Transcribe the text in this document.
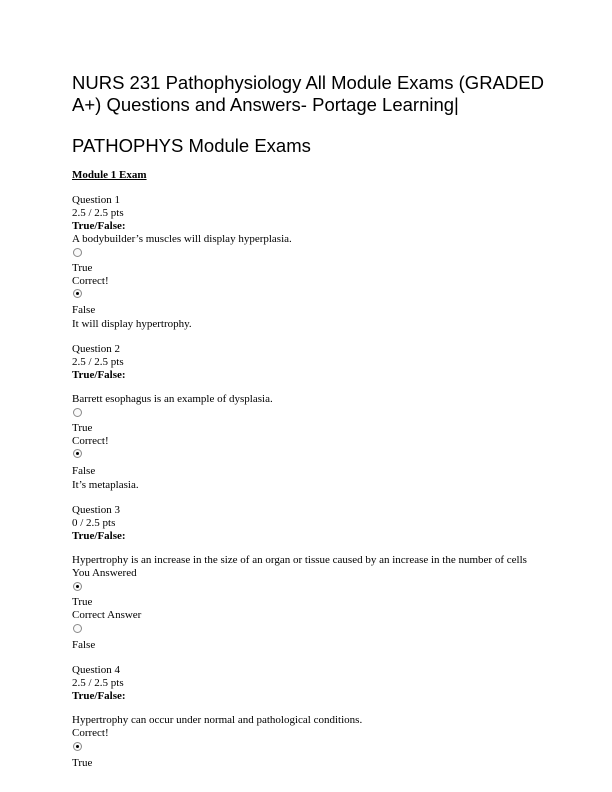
NURS 231 Pathophysiology All Module Exams (GRADED
A+) Questions and Answers- Portage Learning|
PATHOPHYS Module Exams
Module 1 Exam
Question 1
2.5 / 2.5 pts
True/False:
A bodybuilder’s muscles will display hyperplasia.
True
Correct!
False
It will display hypertrophy.
Question 2
2.5 / 2.5 pts
True/False:
Barrett esophagus is an example of dysplasia.
True
Correct!
False
It’s metaplasia.
Question 3
0 / 2.5 pts
True/False:
Hypertrophy is an increase in the size of an organ or tissue caused by an increase in the number of cells
You Answered
True
Correct Answer
False
Question 4
2.5 / 2.5 pts
True/False:
Hypertrophy can occur under normal and pathological conditions.
Correct!
True
